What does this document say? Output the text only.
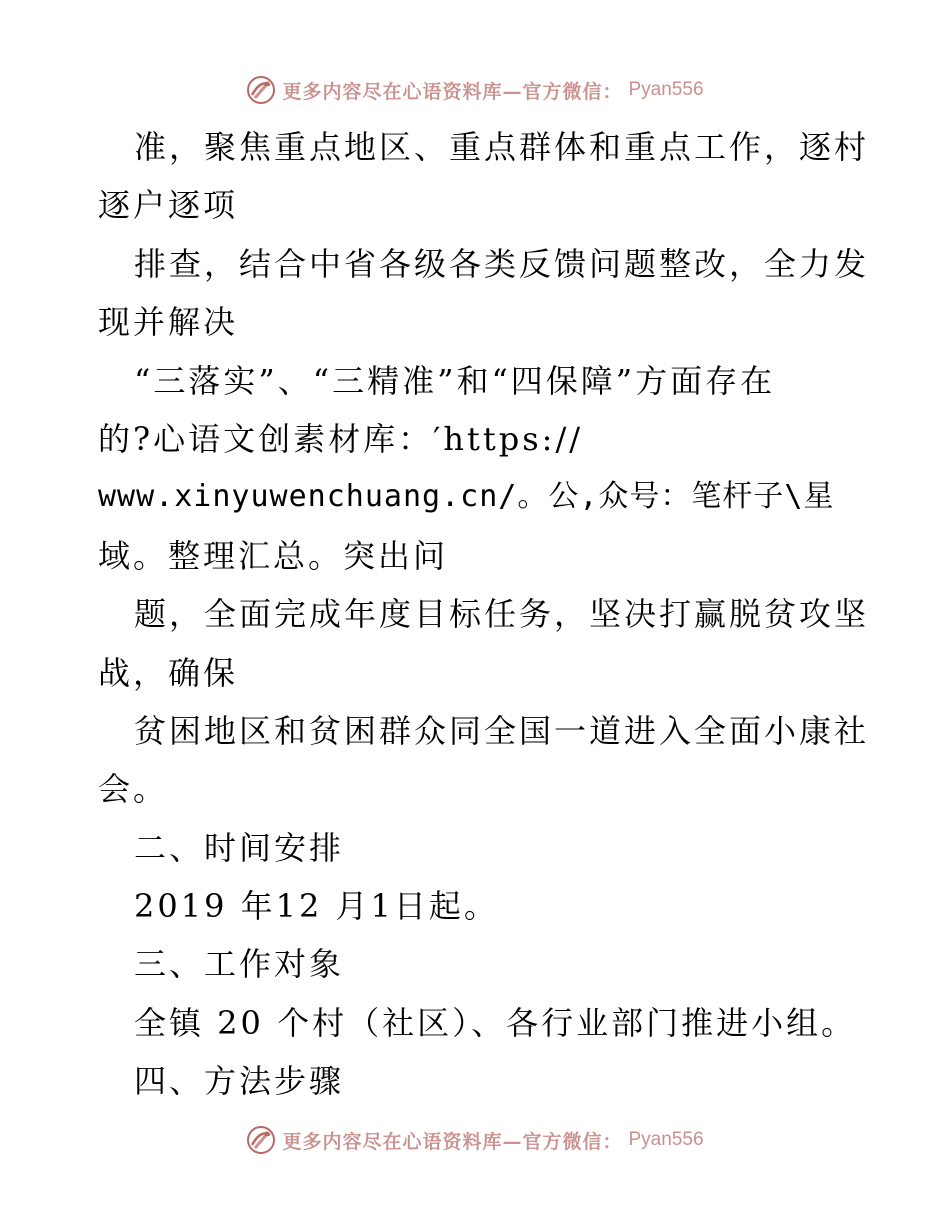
更多内容尽在心语资料库—官方微信： Pyan556
准，聚焦重点地区、重点群体和重点工作，逐村
逐户逐项
排查，结合中省各级各类反馈问题整改，全力发
现并解决
“三落实”、“三精准”和“四保障”方面存在
的?心语文创素材库：′https://
www.xinyuwenchuang.cn/。公,众号：笔杆子\星
域。整理汇总。突出问
题，全面完成年度目标任务，坚决打赢脱贫攻坚
战，确保
贫困地区和贫困群众同全国一道进入全面小康社
会。
二、时间安排
2019 年12 月1日起。
三、工作对象
全镇 20 个村（社区）、各行业部门推进小组。
四、方法步骤
更多内容尽在心语资料库—官方微信： Pyan556
